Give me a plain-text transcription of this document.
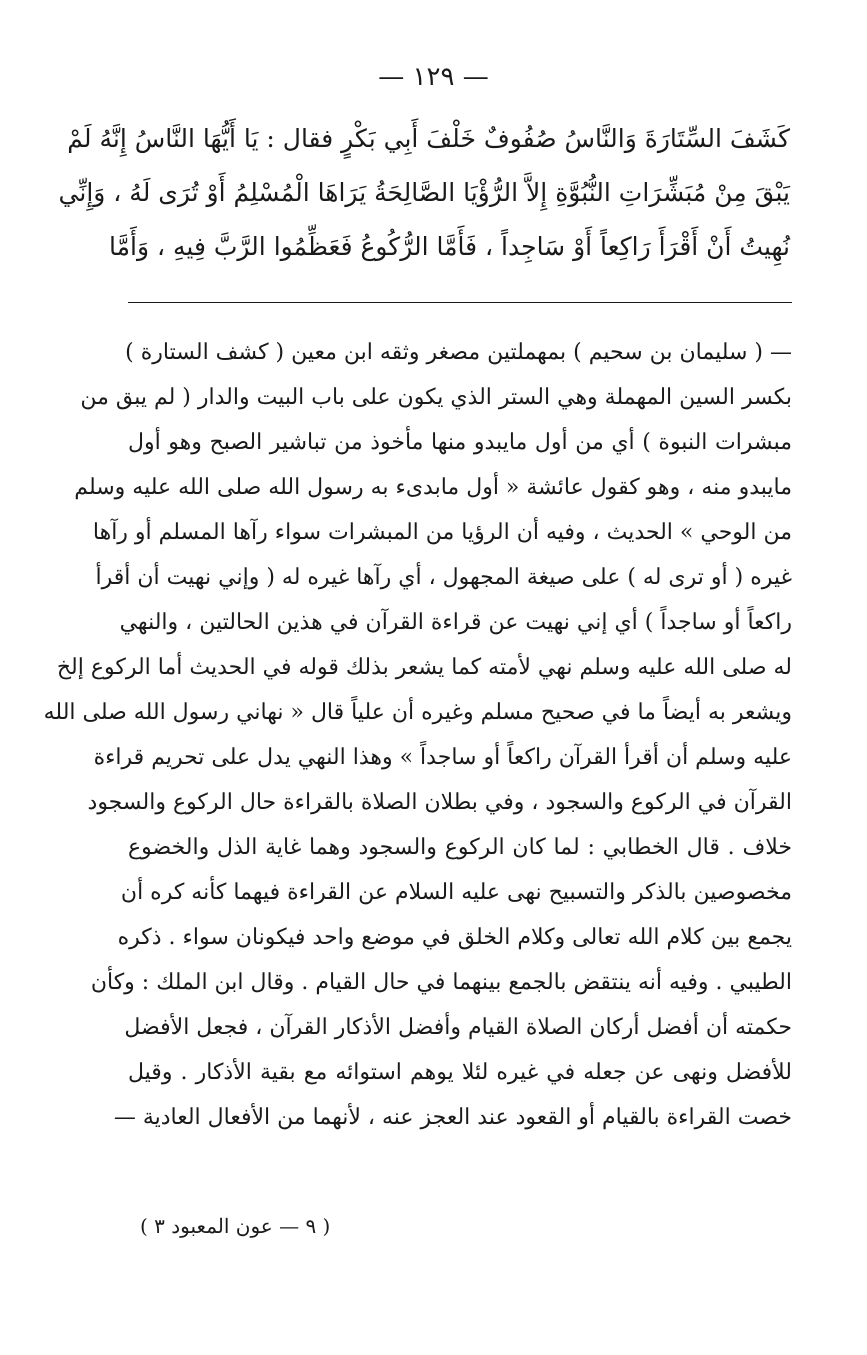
— ١٢٩ —
كَشَفَ السِّتَارَةَ وَالنَّاسُ صُفُوفٌ خَلْفَ أَبِي بَكْرٍ فقال : يَا أَيُّهَا النَّاسُ إِنَّهُ لَمْ
يَبْقَ مِنْ مُبَشِّرَاتِ النُّبُوَّةِ إِلاَّ الرُّؤْيَا الصَّالِحَةُ يَرَاهَا الْمُسْلِمُ أَوْ تُرَى لَهُ ، وَإِنِّي
نُهِيتُ أَنْ أَقْرَأَ رَاكِعاً أَوْ سَاجِداً ، فَأَمَّا الرُّكُوعُ فَعَظِّمُوا الرَّبَّ فِيهِ ، وَأَمَّا
— ( سليمان بن سحيم ) بمهملتين مصغر وثقه ابن معين ( كشف الستارة )
بكسر السين المهملة وهي الستر الذي يكون على باب البيت والدار ( لم يبق من
مبشرات النبوة ) أي من أول مايبدو منها مأخوذ من تباشير الصبح وهو أول
مايبدو منه ، وهو كقول عائشة « أول مابدىء به رسول الله صلى الله عليه وسلم
من الوحي » الحديث ، وفيه أن الرؤيا من المبشرات سواء رآها المسلم أو رآها
غيره ( أو ترى له ) على صيغة المجهول ، أي رآها غيره له ( وإني نهيت أن أقرأ
راكعاً أو ساجداً ) أي إني نهيت عن قراءة القرآن في هذين الحالتين ، والنهي
له صلى الله عليه وسلم نهي لأمته كما يشعر بذلك قوله في الحديث أما الركوع إلخ
ويشعر به أيضاً ما في صحيح مسلم وغيره أن علياً قال « نهاني رسول الله صلى الله
عليه وسلم أن أقرأ القرآن راكعاً أو ساجداً » وهذا النهي يدل على تحريم قراءة
القرآن في الركوع والسجود ، وفي بطلان الصلاة بالقراءة حال الركوع والسجود
خلاف . قال الخطابي : لما كان الركوع والسجود وهما غاية الذل والخضوع
مخصوصين بالذكر والتسبيح نهى عليه السلام عن القراءة فيهما كأنه كره أن
يجمع بين كلام الله تعالى وكلام الخلق في موضع واحد فيكونان سواء . ذكره
الطيبي . وفيه أنه ينتقض بالجمع بينهما في حال القيام . وقال ابن الملك : وكأن
حكمته أن أفضل أركان الصلاة القيام وأفضل الأذكار القرآن ، فجعل الأفضل
للأفضل ونهى عن جعله في غيره لئلا يوهم استوائه مع بقية الأذكار . وقيل
خصت القراءة بالقيام أو القعود عند العجز عنه ، لأنهما من الأفعال العادية —
( ٩ — عون المعبود ٣ )
